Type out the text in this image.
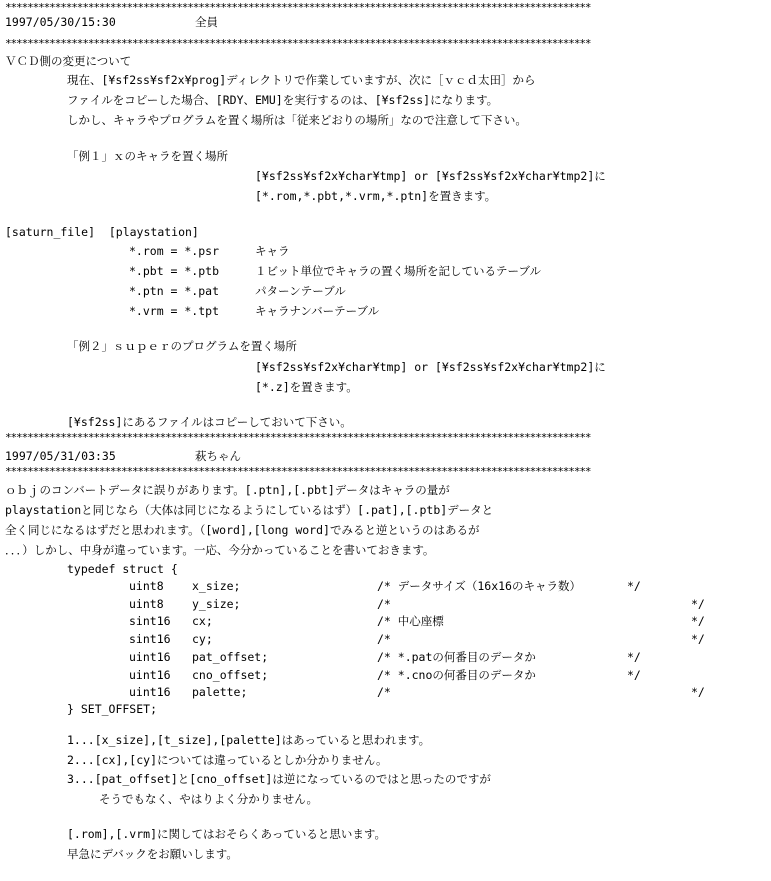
**********************************************************************************************************
1997/05/30/15:30	全員
**********************************************************************************************************
ＶＣＤ側の変更について
現在、[¥sf2ss¥sf2x¥prog]ディレクトリで作業していますが、次に［ｖｃｄ太田］から
ファイルをコピーした場合、[RDY、EMU]を実行するのは、[¥sf2ss]になります。
しかし、キャラやプログラムを置く場所は「従来どおりの場所」なので注意して下さい。
「例１」ｘのキャラを置く場所
[¥sf2ss¥sf2x¥char¥tmp] or [¥sf2ss¥sf2x¥char¥tmp2]に
[*.rom,*.pbt,*.vrm,*.ptn]を置きます。
[saturn_file]  [playstation]
*.rom = *.psr	キャラ
*.pbt = *.ptb	１ビット単位でキャラの置く場所を記しているテーブル
*.ptn = *.pat	パターンテーブル
*.vrm = *.tpt	キャラナンバーテーブル
「例２」ｓｕｐｅｒのプログラムを置く場所
[¥sf2ss¥sf2x¥char¥tmp] or [¥sf2ss¥sf2x¥char¥tmp2]に
[*.z]を置きます。
[¥sf2ss]にあるファイルはコピーしておいて下さい。
**********************************************************************************************************
1997/05/31/03:35	萩ちゃん
**********************************************************************************************************
ｏｂｊのコンバートデータに誤りがあります。[.ptn],[.pbt]データはキャラの量が
playstationと同じなら（大体は同じになるようにしているはず）[.pat],[.ptb]データと
全く同じになるはずだと思われます。（[word],[long word]でみると逆というのはあるが
．．．）しかし、中身が違っています。一応、今分かっていることを書いておきます。
typedef struct {
uint8 x_size;	/* データサイズ（16x16のキャラ数）	*/
uint8 y_size;	/*	*/
sint16 cx;	/* 中心座標	*/
sint16 cy;	/*	*/
uint16 pat_offset;	/* *.patの何番目のデータか	*/
uint16 cno_offset;	/* *.cnoの何番目のデータか	*/
uint16 palette;	/*	*/
} SET_OFFSET;
1...[x_size],[t_size],[palette]はあっていると思われます。
2...[cx],[cy]については違っているとしか分かりません。
3...[pat_offset]と[cno_offset]は逆になっているのではと思ったのですが
そうでもなく、やはりよく分かりません。
[.rom],[.vrm]に関してはおそらくあっていると思います。
早急にデバックをお願いします。
